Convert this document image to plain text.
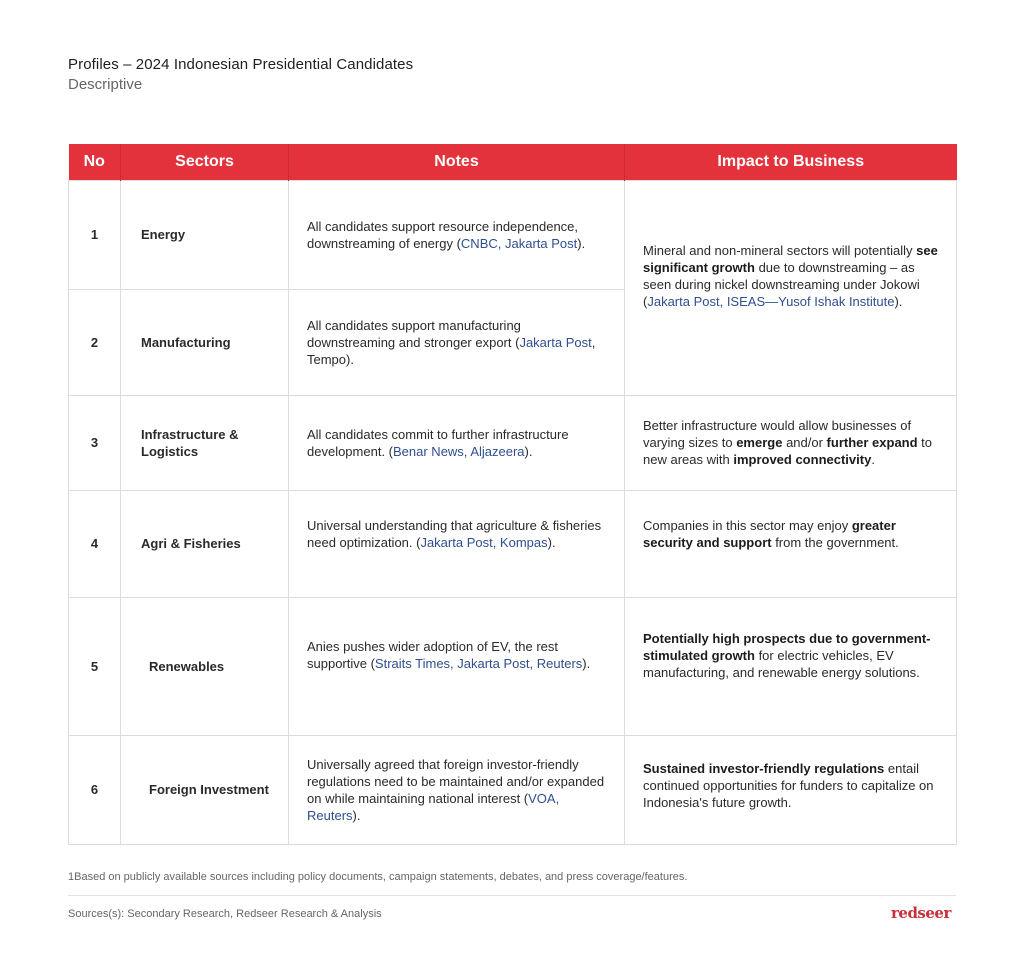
Profiles – 2024 Indonesian Presidential Candidates
Descriptive
No	Sectors	Notes	Impact to Business
1	Energy	All candidates support resource independence, downstreaming of energy (CNBC, Jakarta Post).	Mineral and non-mineral sectors will potentially see significant growth due to downstreaming – as seen during nickel downstreaming under Jokowi (Jakarta Post, ISEAS—Yusof Ishak Institute).
2	Manufacturing	All candidates support manufacturing downstreaming and stronger export (Jakarta Post, Tempo).	
3	Infrastructure & Logistics	All candidates commit to further infrastructure development. (Benar News, Aljazeera).	Better infrastructure would allow businesses of varying sizes to emerge and/or further expand to new areas with improved connectivity.
4	Agri & Fisheries	Universal understanding that agriculture & fisheries need optimization. (Jakarta Post, Kompas).	Companies in this sector may enjoy greater security and support from the government.
5	Renewables	Anies pushes wider adoption of EV, the rest supportive (Straits Times, Jakarta Post, Reuters).	Potentially high prospects due to government-stimulated growth for electric vehicles, EV manufacturing, and renewable energy solutions.
6	Foreign Investment	Universally agreed that foreign investor-friendly regulations need to be maintained and/or expanded on while maintaining national interest (VOA, Reuters).	Sustained investor-friendly regulations entail continued opportunities for funders to capitalize on Indonesia's future growth.
1Based on publicly available sources including policy documents, campaign statements, debates, and press coverage/features.
Sources(s): Secondary Research, Redseer Research & Analysis	redseer
